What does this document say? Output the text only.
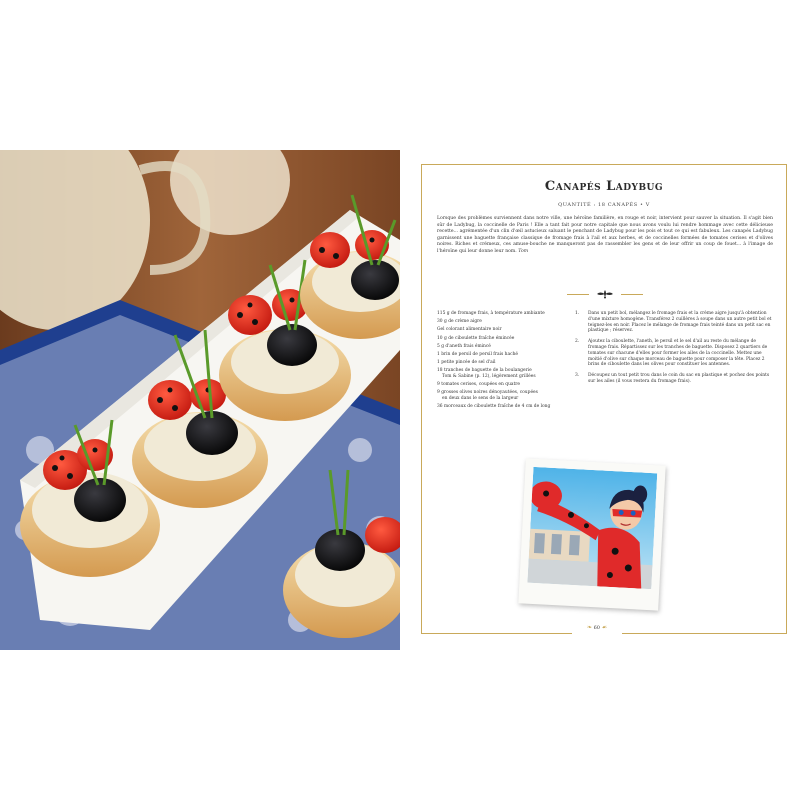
Canapés Ladybug
QUANTITÉ : 18 CANAPÉS • V

Lorsque des problèmes surviennent dans notre ville, une héroïne familière, en rouge et noir, intervient pour sauver la situation. Il s'agit bien sûr de Ladybug, la coccinelle de Paris ! Elle a tant fait pour notre capitale que nous avons voulu lui rendre hommage avec cette délicieuse recette... agrémentée d'un clin d'œil astucieux saluant le penchant de Ladybug pour les pois et tout ce qui est fabuleux. Les canapés Ladybug garnissent une baguette française classique de fromage frais à l'ail et aux herbes, et de coccinelles formées de tomates cerises et d'olives noires. Riches et crémeux, ces amuse-bouche ne manqueront pas de rassembler les gens et de leur offrir un coup de fouet... à l'image de l'héroïne qui leur donne leur nom. Tom

115 g de fromage frais, à température ambiante
30 g de crème aigre
Gel colorant alimentaire noir
10 g de ciboulette fraîche émincée
5 g d'aneth frais émincé
1 brin de persil de persil frais haché
1 petite pincée de sel d'ail
18 tranches de baguette de la boulangerie
Tom & Sabine (p. 12), légèrement grillées
9 tomates cerises, coupées en quatre
9 grosses olives noires dénoyautées, coupées
en deux dans le sens de la largeur
36 morceaux de ciboulette fraîche de 4 cm de long
1. Dans un petit bol, mélangez le fromage frais et la crème aigre jusqu'à obtention d'une mixture homogène. Transférez 2 cuillères à soupe dans un autre petit bol et teignez-les en noir. Placez le mélange de fromage frais teinté dans un petit sac en plastique ; réservez.
2. Ajoutez la ciboulette, l'aneth, le persil et le sel d'ail au reste du mélange de fromage frais. Répartissez sur les tranches de baguette. Disposez 2 quartiers de tomates sur chacune d'elles pour former les ailes de la coccinelle. Mettez une moitié d'olive sur chaque morceau de baguette pour composer la tête. Placez 2 brins de ciboulette dans les olives pour constituer les antennes.
3. Découpez un tout petit trou dans le coin du sac en plastique et pochez des points sur les ailes (il vous restera du fromage frais).
❧ 60 ☙
